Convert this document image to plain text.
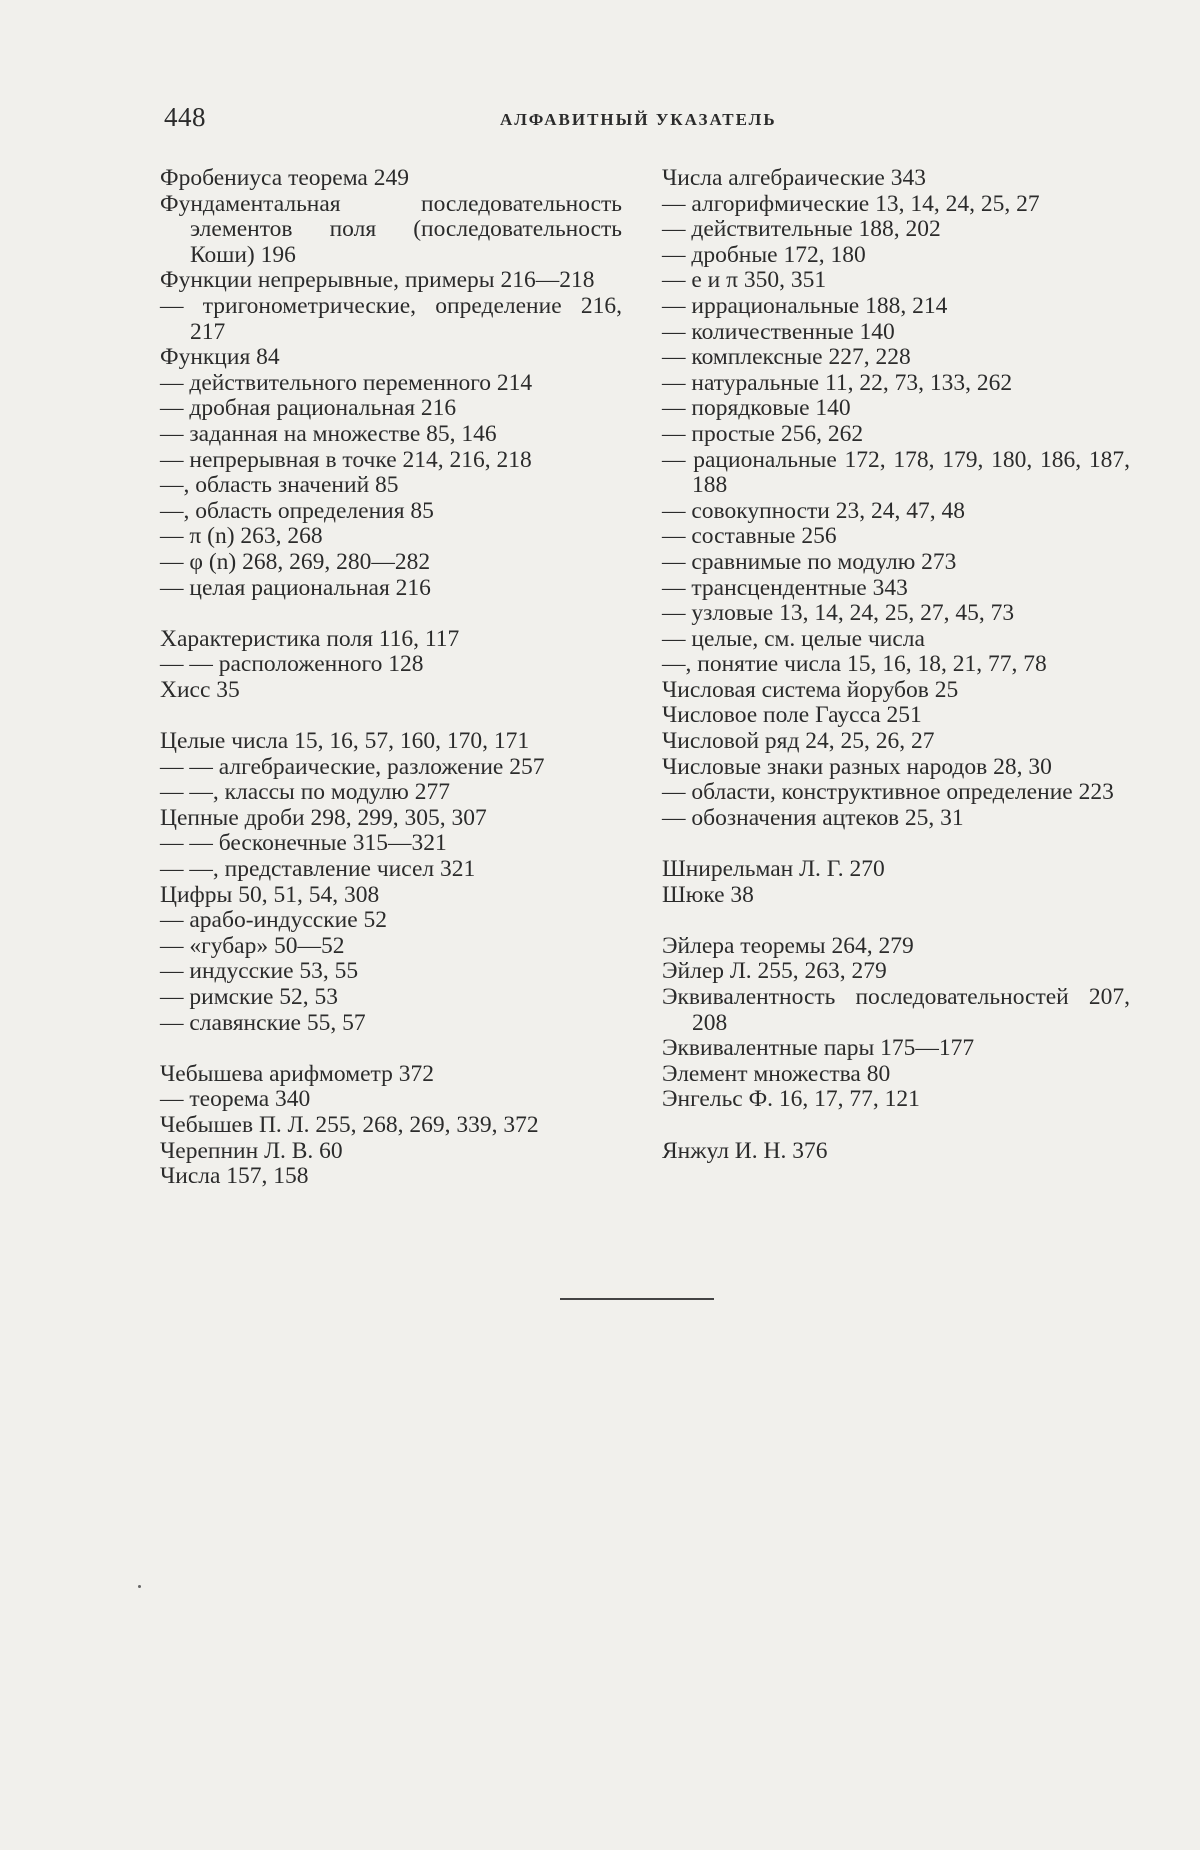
448	АЛФАВИТНЫЙ УКАЗАТЕЛЬ

Фробениуса теорема 249

Фундаментальная последовательность элементов поля (последовательность Коши) 196

Функции непрерывные, примеры 216—218

— тригонометрические, определение 216, 217

Функция 84

— действительного переменного 214

— дробная рациональная 216

— заданная на множестве 85, 146

— непрерывная в точке 214, 216, 218

—, область значений 85

—, область определения 85

— π (n) 263, 268

— φ (n) 268, 269, 280—282

— целая рациональная 216

Характеристика поля 116, 117

— — расположенного 128

Хисс 35

Целые числа 15, 16, 57, 160, 170, 171

— — алгебраические, разложение 257

— —, классы по модулю 277

Цепные дроби 298, 299, 305, 307

— — бесконечные 315—321

— —, представление чисел 321

Цифры 50, 51, 54, 308

— арабо-индусские 52

— «губар» 50—52

— индусские 53, 55

— римские 52, 53

— славянские 55, 57

Чебышева арифмометр 372

— теорема 340

Чебышев П. Л. 255, 268, 269, 339, 372

Черепнин Л. В. 60

Числа 157, 158

Числа алгебраические 343

— алгорифмические 13, 14, 24, 25, 27

— действительные 188, 202

— дробные 172, 180

— e и π 350, 351

— иррациональные 188, 214

— количественные 140

— комплексные 227, 228

— натуральные 11, 22, 73, 133, 262

— порядковые 140

— простые 256, 262

— рациональные 172, 178, 179, 180, 186, 187, 188

— совокупности 23, 24, 47, 48

— составные 256

— сравнимые по модулю 273

— трансцендентные 343

— узловые 13, 14, 24, 25, 27, 45, 73

— целые, см. целые числа

—, понятие числа 15, 16, 18, 21, 77, 78

Числовая система йорубов 25

Числовое поле Гаусса 251

Числовой ряд 24, 25, 26, 27

Числовые знаки разных народов 28, 30

— области, конструктивное определение 223

— обозначения ацтеков 25, 31

Шнирельман Л. Г. 270

Шюке 38

Эйлера теоремы 264, 279

Эйлер Л. 255, 263, 279

Эквивалентность последовательностей 207, 208

Эквивалентные пары 175—177

Элемент множества 80

Энгельс Ф. 16, 17, 77, 121

Янжул И. Н. 376
